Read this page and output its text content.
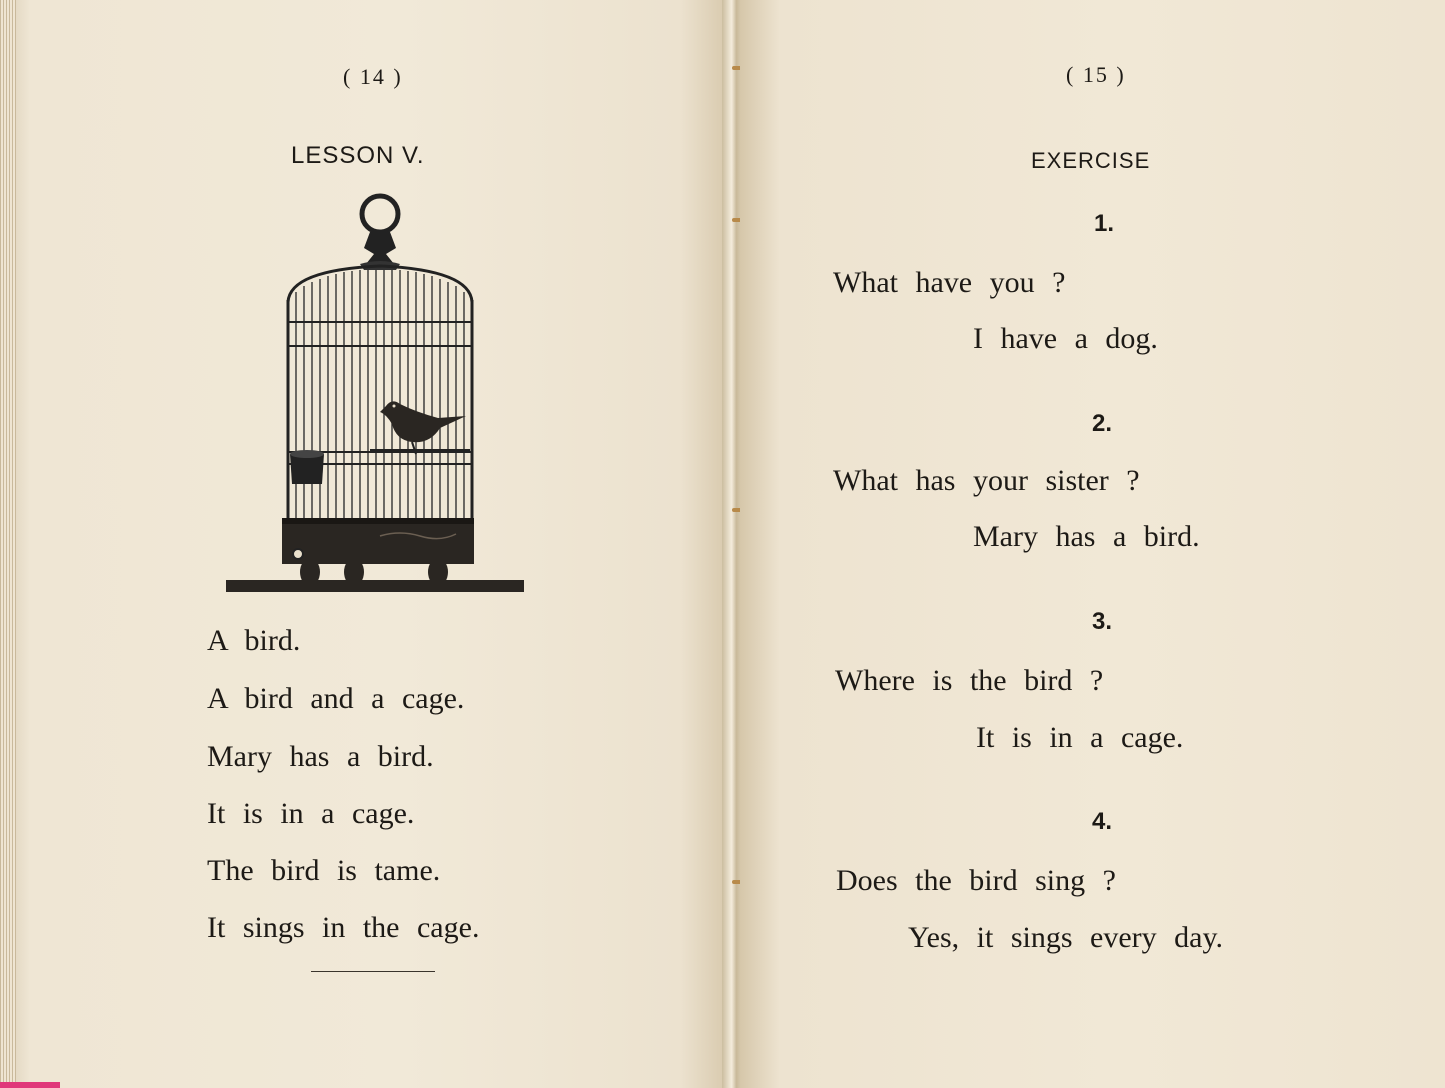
( 14 )
LESSON V.
A bird.
A bird and a cage.
Mary has a bird.
It is in a cage.
The bird is tame.
It sings in the cage.
( 15 )
EXERCISE
1.
What have you ?
I have a dog.
2.
What has your sister ?
Mary has a bird.
3.
Where is the bird ?
It is in a cage.
4.
Does the bird sing ?
Yes, it sings every day.
